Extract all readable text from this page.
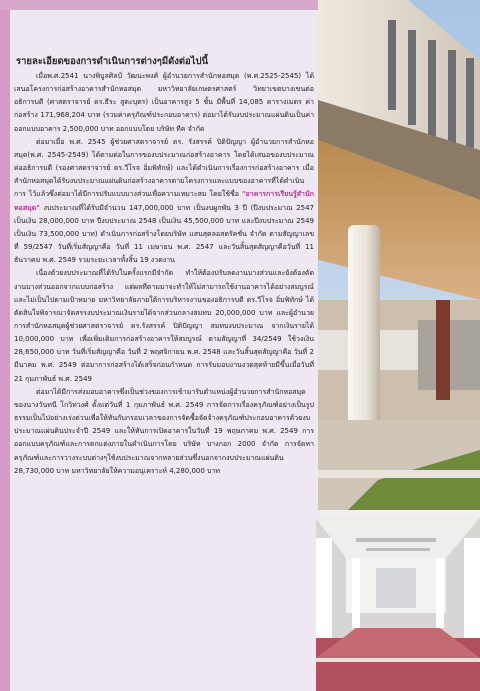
รายละเอียดของการดำเนินการต่างๆมีดังต่อไปนี้

เมื่อพ.ศ.2541 นางพิบูลศิลป์ วัฒนะพงศ์ ผู้อำนวยการสำนักหอสมุด (พ.ศ.2525-2545) ได้เสนอโครงการก่อสร้างอาคารสำนักหอสมุด มหาวิทยาลัยเกษตรศาสตร์ วิทยาเขตบางเขนต่ออธิการบดี (ศาสตราจารย์ ดร.ธีระ สูตะบุตร) เป็นอาคารสูง 5 ชั้น มีพื้นที่ 14,085 ตารางเมตร ค่าก่อสร้าง 171,968,204 บาท (รวมค่าครุภัณฑ์ประกอบอาคาร) ต่อมาได้รับงบประมาณแผ่นดินเป็นค่าออกแบบอาคาร 2,500,000 บาท ออกแบบโดย บริษัท ทีค จำกัด

ต่อมาเมื่อ พ.ศ. 2545 ผู้ช่วยศาสตราจารย์ ดร. รังสรรค์ ปิติปัญญา ผู้อำนวยการสำนักหอสมุด(พ.ศ. 2545-2549) ได้ตามต่อในการของบประมาณก่อสร้างอาคาร โดยได้เสนอของบประมาณต่ออธิการบดี (รองศาสตราจารย์ ดร.วีโรจ อิ่มพิทักษ์) และได้ดำเนินการเรื่องการก่อสร้างอาคาร เมื่อสำนักหอสมุดได้รับงบประมาณแผ่นดินก่อสร้างอาคารตามโครงการและแบบของอาคารที่ได้ดำเนินการ ไว้แล้วซึ่งต่อมาได้มีการปรับแบบบางส่วนเพื่อความเหมาะสม โดยใช้ชื่อ "อาคารการเรียนรู้สำนักหอสมุด" งบประมาณที่ได้รับมีจำนวน 147,000,000 บาท เป็นงบผูกพัน 3 ปี (ปีงบประมาณ 2547 เป็นเงิน 28,000,000 บาท ปีงบประมาณ 2548 เป็นเงิน 45,500,000 บาท และปีงบประมาณ 2549 เป็นเงิน 73,500,000 บาท) ดำเนินการก่อสร้างโดยบริษัท แสนสุดลอสตรัคชั่น จำกัด ตามสัญญาเลขที่ 59/2547 วันที่เริ่มสัญญาคือ วันที่ 11 เมษายน พ.ศ. 2547 และวันสิ้นสุดสัญญาคือวันที่ 11 ธันวาคม พ.ศ. 2549 รวมระยะเวลาทั้งสิ้น 19 งวดงาน

เนื่องด้วยงบประมาณที่ได้รับในครั้งแรกมีจำกัด ทำให้ต้องปรับลดงานบางส่วนและยังต้องตัดงานบางส่วนออกจากแบบก่อสร้าง แต่ผลที่ตามมาจะทำให้ไม่สามารถใช้งานอาคารได้อย่างสมบูรณ์และไม่เป็นไปตามเป้าหมาย มหาวิทยาลัยภายใต้การบริหารงานของอธิการบดี ดร.วีโรจ อิ่มพิทักษ์ ได้ตัดสินใจพิจารณาจัดสรรงบประมาณเงินรายได้จากส่วนกลางสมทบ 20,000,000 บาท และผู้อำนวยการสำนักหอสมุดผู้ช่วยศาสตราจารย์ ดร.รังสรรค์ ปิติปัญญา สมทบงบประมาณ จากเงินรายได้ 10,000,000 บาท เพื่อเพิ่มเติมการก่อสร้างอาคารให้สมบูรณ์ ตามสัญญาที่ 34/2549 ใช้วงเงิน 28,650,000 บาท วันที่เริ่มสัญญาคือ วันที่ 2 พฤศจิกายน พ.ศ. 2548 และวันสิ้นสุดสัญญาคือ วันที่ 2 มีนาคม พ.ศ. 2549 ต่อมาการก่อสร้างได้เสร็จก่อนกำหนด การรับมอบงานงวดสุดท้ายมีขึ้นเมื่อวันที่ 21 กุมภาพันธ์ พ.ศ. 2549

ต่อมาได้มีการส่งมอบอาคารซึ่งเป็นช่วงของการเข้ามารับตำแหน่งผู้อำนวยการสำนักหอสมุดของนางวันทนี โกวิทวงศ์ ตั้งแต่วันที่ 1 กุมภาพันธ์ พ.ศ. 2549 การจัดการเรื่องครุภัณฑ์อย่างเป็นรูปธรรมเป็นไปอย่างเร่งด่วนเพื่อให้ทันกับกรอบเวลาของการจัดซื้อจัดจ้างครุภัณฑ์ประกอบอาคารด้วยงบประมาณแผ่นดินประจำปี 2549 และให้ทันการเปิดอาคารในวันที่ 19 พฤษภาคม พ.ศ. 2549 การออกแบบครุภัณฑ์และการตกแต่งภายในดำเนินการโดย บริษัท บางกอก 2000 จำกัด การจัดหาครุภัณฑ์และการวางระบบต่างๆใช้งบประมาณจากหลายส่วนซึ่งนอกจากงบประมาณแผ่นดิน 28,730,000 บาท มหาวิทยาลัยให้ความอนุเคราะห์ 4,280,000 บาท
